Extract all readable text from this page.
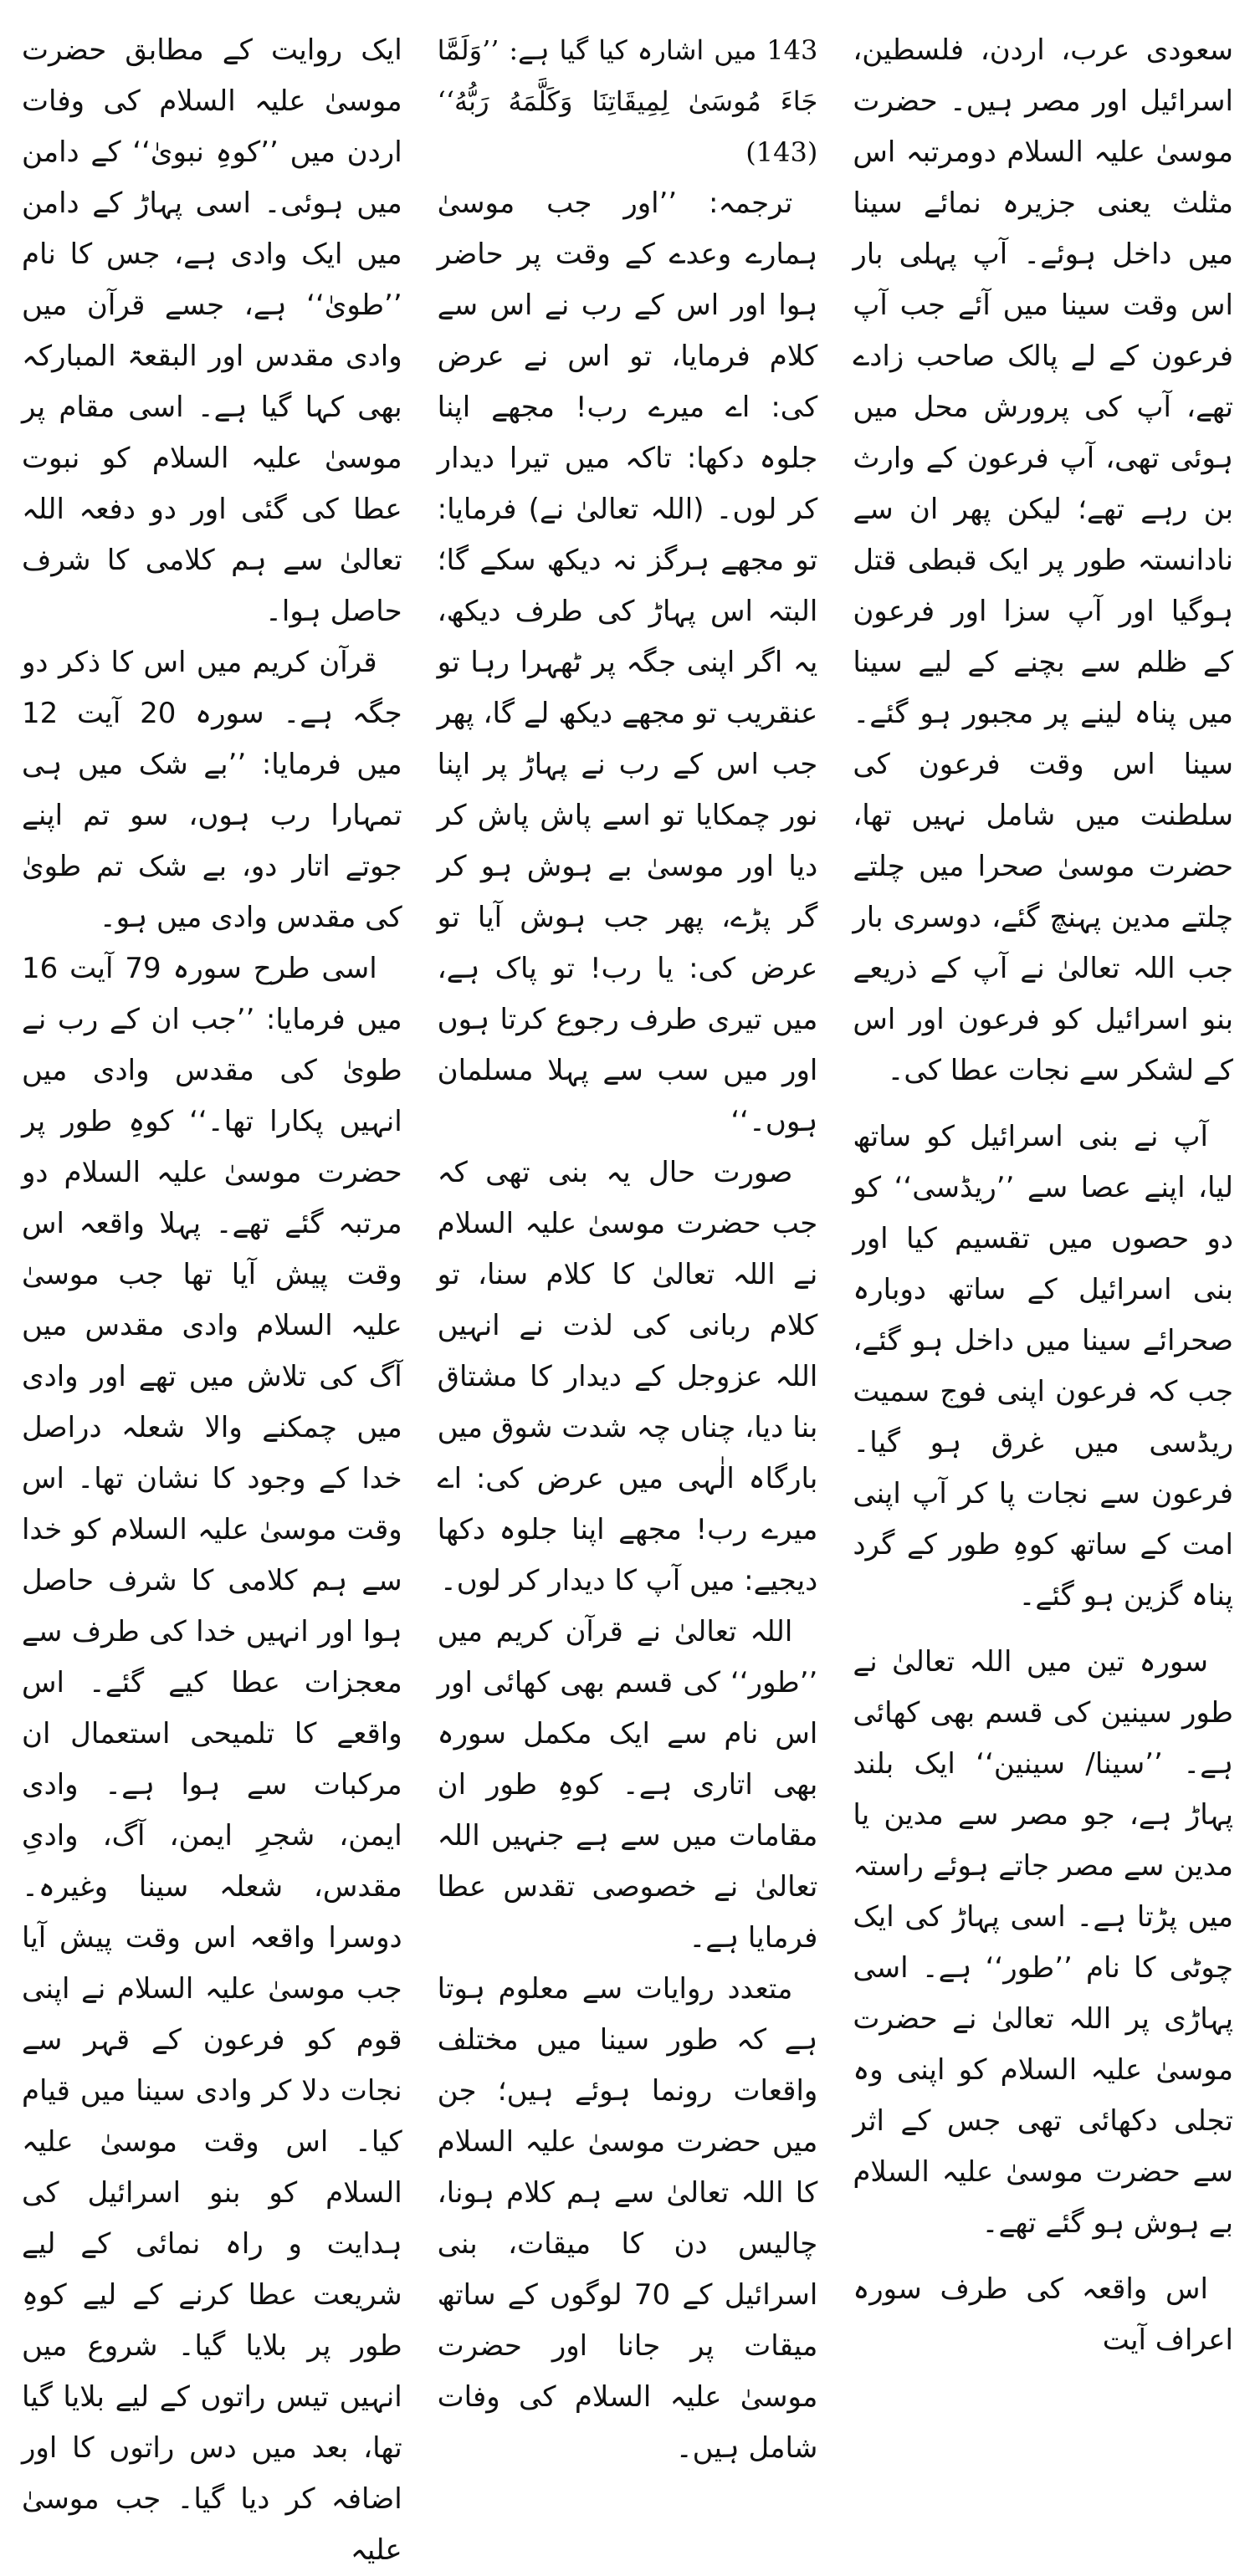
سعودی عرب، اردن، فلسطین، اسرائیل اور مصر ہیں۔ حضرت موسیٰ علیہ السلام دومرتبہ اس مثلث یعنی جزیرہ نمائے سینا میں داخل ہوئے۔ آپ پہلی بار اس وقت سینا میں آئے جب آپ فرعون کے لے پالک صاحب زادے تھے، آپ کی پرورش محل میں ہوئی تھی، آپ فرعون کے وارث بن رہے تھے؛ لیکن پھر ان سے نادانستہ طور پر ایک قبطی قتل ہوگیا اور آپ سزا اور فرعون کے ظلم سے بچنے کے لیے سینا میں پناہ لینے پر مجبور ہو گئے۔ سینا اس وقت فرعون کی سلطنت میں شامل نہیں تھا، حضرت موسیٰ صحرا میں چلتے چلتے مدین پہنچ گئے، دوسری بار جب اللہ تعالیٰ نے آپ کے ذریعے بنو اسرائیل کو فرعون اور اس کے لشکر سے نجات عطا کی۔

آپ نے بنی اسرائیل کو ساتھ لیا، اپنے عصا سے ’’ریڈسی‘‘ کو دو حصوں میں تقسیم کیا اور بنی اسرائیل کے ساتھ دوبارہ صحرائے سینا میں داخل ہو گئے، جب کہ فرعون اپنی فوج سمیت ریڈسی میں غرق ہو گیا۔ فرعون سے نجات پا کر آپ اپنی امت کے ساتھ کوہِ طور کے گرد پناہ گزین ہو گئے۔

سورہ تین میں اللہ تعالیٰ نے طور سینین کی قسم بھی کھائی ہے۔ ’’سینا/ سینین‘‘ ایک بلند پہاڑ ہے، جو مصر سے مدین یا مدین سے مصر جاتے ہوئے راستہ میں پڑتا ہے۔ اسی پہاڑ کی ایک چوٹی کا نام ’’طور‘‘ ہے۔ اسی پہاڑی پر اللہ تعالیٰ نے حضرت موسیٰ علیہ السلام کو اپنی وہ تجلی دکھائی تھی جس کے اثر سے حضرت موسیٰ علیہ السلام بے ہوش ہو گئے تھے۔

اس واقعہ کی طرف سورہ اعراف آیت

143 میں اشارہ کیا گیا ہے: ’’وَلَمَّا جَاءَ مُوسَىٰ لِمِيقَاتِنَا وَكَلَّمَهُ رَبُّهُ‘‘ (143)

ترجمہ: ’’اور جب موسیٰ ہمارے وعدے کے وقت پر حاضر ہوا اور اس کے رب نے اس سے کلام فرمایا، تو اس نے عرض کی: اے میرے رب! مجھے اپنا جلوہ دکھا: تاکہ میں تیرا دیدار کر لوں۔ (اللہ تعالیٰ نے) فرمایا: تو مجھے ہرگز نہ دیکھ سکے گا؛ البتہ اس پہاڑ کی طرف دیکھ، یہ اگر اپنی جگہ پر ٹھہرا رہا تو عنقریب تو مجھے دیکھ لے گا، پھر جب اس کے رب نے پہاڑ پر اپنا نور چمکایا تو اسے پاش پاش کر دیا اور موسیٰ بے ہوش ہو کر گر پڑے، پھر جب ہوش آیا تو عرض کی: یا رب! تو پاک ہے، میں تیری طرف رجوع کرتا ہوں اور میں سب سے پہلا مسلمان ہوں۔‘‘

صورت حال یہ بنی تھی کہ جب حضرت موسیٰ علیہ السلام نے اللہ تعالیٰ کا کلام سنا، تو کلام ربانی کی لذت نے انہیں اللہ عزوجل کے دیدار کا مشتاق بنا دیا، چناں چہ شدت شوق میں بارگاہ الٰہی میں عرض کی: اے میرے رب! مجھے اپنا جلوہ دکھا دیجیے: میں آپ کا دیدار کر لوں۔

اللہ تعالیٰ نے قرآن کریم میں ’’طور‘‘ کی قسم بھی کھائی اور اس نام سے ایک مکمل سورہ بھی اتاری ہے۔ کوہِ طور ان مقامات میں سے ہے جنہیں اللہ تعالیٰ نے خصوصی تقدس عطا فرمایا ہے۔

متعدد روایات سے معلوم ہوتا ہے کہ طور سینا میں مختلف واقعات رونما ہوئے ہیں؛ جن میں حضرت موسیٰ علیہ السلام کا اللہ تعالیٰ سے ہم کلام ہونا، چالیس دن کا میقات، بنی اسرائیل کے 70 لوگوں کے ساتھ میقات پر جانا اور حضرت موسیٰ علیہ السلام کی وفات شامل ہیں۔

ایک روایت کے مطابق حضرت موسیٰ علیہ السلام کی وفات اردن میں ’’کوہِ نبویٰ‘‘ کے دامن میں ہوئی۔ اسی پہاڑ کے دامن میں ایک وادی ہے، جس کا نام ’’طویٰ‘‘ ہے، جسے قرآن میں وادی مقدس اور البقعۃ المبارکہ بھی کہا گیا ہے۔ اسی مقام پر موسیٰ علیہ السلام کو نبوت عطا کی گئی اور دو دفعہ اللہ تعالیٰ سے ہم کلامی کا شرف حاصل ہوا۔

قرآن کریم میں اس کا ذکر دو جگہ ہے۔ سورہ 20 آیت 12 میں فرمایا: ’’بے شک میں ہی تمہارا رب ہوں، سو تم اپنے جوتے اتار دو، بے شک تم طویٰ کی مقدس وادی میں ہو۔

اسی طرح سورہ 79 آیت 16 میں فرمایا: ’’جب ان کے رب نے طویٰ کی مقدس وادی میں انہیں پکارا تھا۔‘‘ کوہِ طور پر حضرت موسیٰ علیہ السلام دو مرتبہ گئے تھے۔ پہلا واقعہ اس وقت پیش آیا تھا جب موسیٰ علیہ السلام وادی مقدس میں آگ کی تلاش میں تھے اور وادی میں چمکنے والا شعلہ دراصل خدا کے وجود کا نشان تھا۔ اس وقت موسیٰ علیہ السلام کو خدا سے ہم کلامی کا شرف حاصل ہوا اور انہیں خدا کی طرف سے معجزات عطا کیے گئے۔ اس واقعے کا تلمیحی استعمال ان مرکبات سے ہوا ہے۔ وادی ایمن، شجرِ ایمن، آگ، وادیِ مقدس، شعلہ سینا وغیرہ۔ دوسرا واقعہ اس وقت پیش آیا جب موسیٰ علیہ السلام نے اپنی قوم کو فرعون کے قہر سے نجات دلا کر وادی سینا میں قیام کیا۔ اس وقت موسیٰ علیہ السلام کو بنو اسرائیل کی ہدایت و راہ نمائی کے لیے شریعت عطا کرنے کے لیے کوہِ طور پر بلایا گیا۔ شروع میں انہیں تیس راتوں کے لیے بلایا گیا تھا، بعد میں دس راتوں کا اور اضافہ کر دیا گیا۔ جب موسیٰ علیہ
